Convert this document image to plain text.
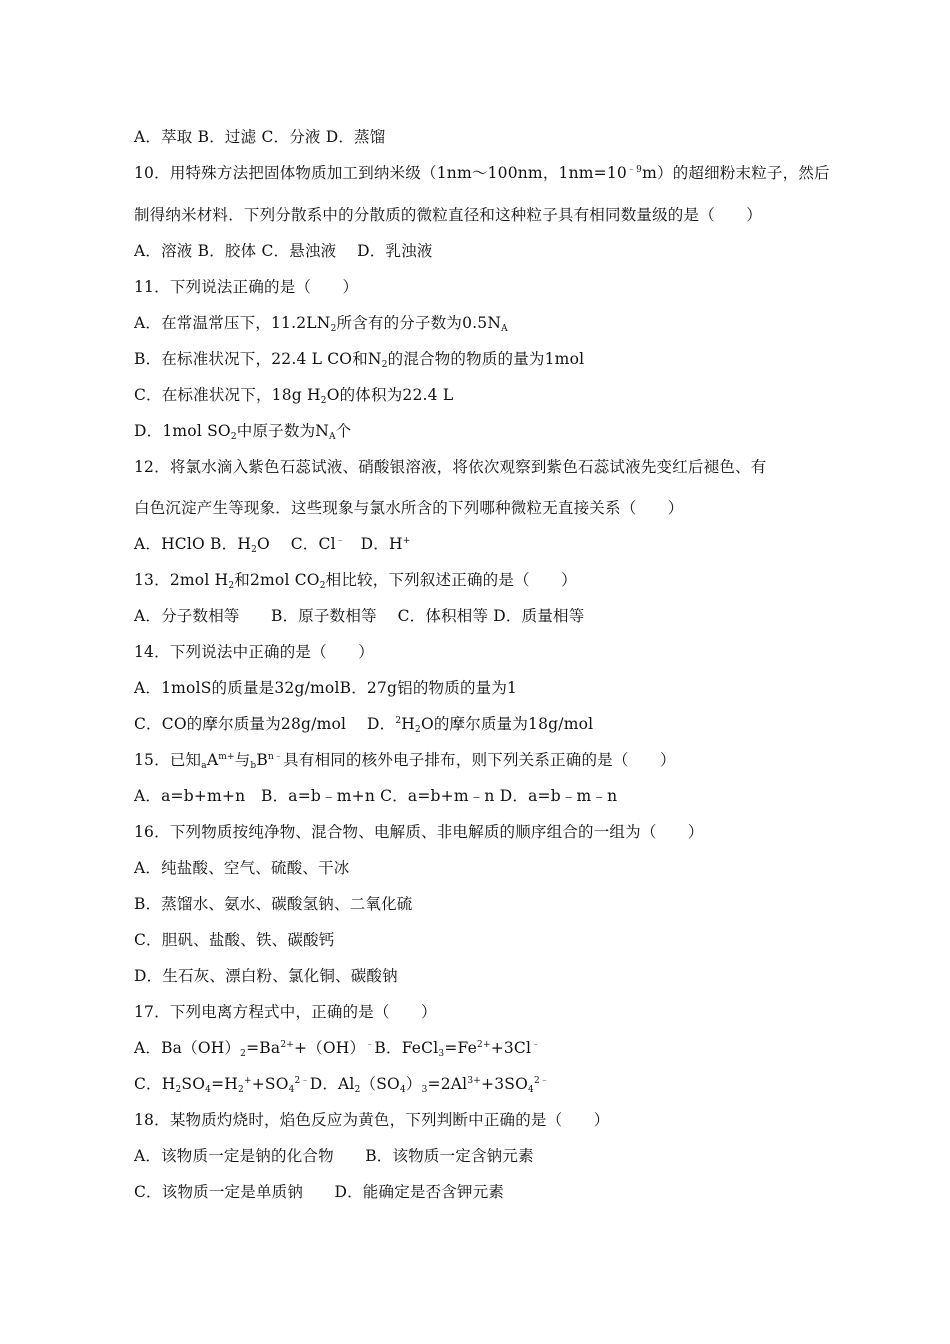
A．萃取 B．过滤 C．分液 D．蒸馏
10．用特殊方法把固体物质加工到纳米级（1nm～100nm，$1nm=10^{﹣9}m$）的超细粉末粒子，然后
制得纳米材料．下列分散系中的分散质的微粒直径和这种粒子具有相同数量级的是（　　）
A．溶液 B．胶体 C．悬浊液　 D．乳浊液
11．下列说法正确的是（　　）
A．在常温常压下，$11.2LN_2$所含有的分子数为$0.5N_A$
B．在标准状况下，22.4 L CO和$N_2$的混合物的物质的量为1mol
C．在标准状况下，18g $H_2O$的体积为22.4 L
D．1mol $SO_2$中原子数为$N_A$个
12．将氯水滴入紫色石蕊试液、硝酸银溶液，将依次观察到紫色石蕊试液先变红后褪色、有
白色沉淀产生等现象．这些现象与氯水所含的下列哪种微粒无直接关系（　　）
A．HClO B．$H_2O$　 C．Cl﹣　D．H+
13．2mol $H_2$和2mol $CO_2$相比较，下列叙述正确的是（　　）
A．分子数相等　　B．原子数相等　 C．体积相等 D．质量相等
14．下列说法中正确的是（　　）
A．1molS的质量是32g/molB．27g铝的物质的量为1
C．CO的摩尔质量为28g/mol　 D．$^2H_2O$的摩尔质量为18g/mol
15．已知$_aA^{m+}$与$_bB^{n﹣}$具有相同的核外电子排布，则下列关系正确的是（　　）
A．a=b+m+n　B．a=b﹣m+n C．a=b+m﹣n D．a=b﹣m﹣n
16．下列物质按纯净物、混合物、电解质、非电解质的顺序组合的一组为（　　）
A．纯盐酸、空气、硫酸、干冰
B．蒸馏水、氨水、碳酸氢钠、二氧化硫
C．胆矾、盐酸、铁、碳酸钙
D．生石灰、漂白粉、氯化铜、碳酸钠
17．下列电离方程式中，正确的是（　　）
A．$Ba(OH)_2=Ba^{2+}+(OH)^﹣B$．$FeCl_3=Fe^{2+}+3Cl^﹣$
C．$H_2SO_4=H_2^++SO_4^{2﹣}D$．$Al_2(SO_4)_3=2Al^{3+}+3SO_4^{2﹣}$
18．某物质灼烧时，焰色反应为黄色，下列判断中正确的是（　　）
A．该物质一定是钠的化合物　　B．该物质一定含钠元素
C．该物质一定是单质钠　　D．能确定是否含钾元素
